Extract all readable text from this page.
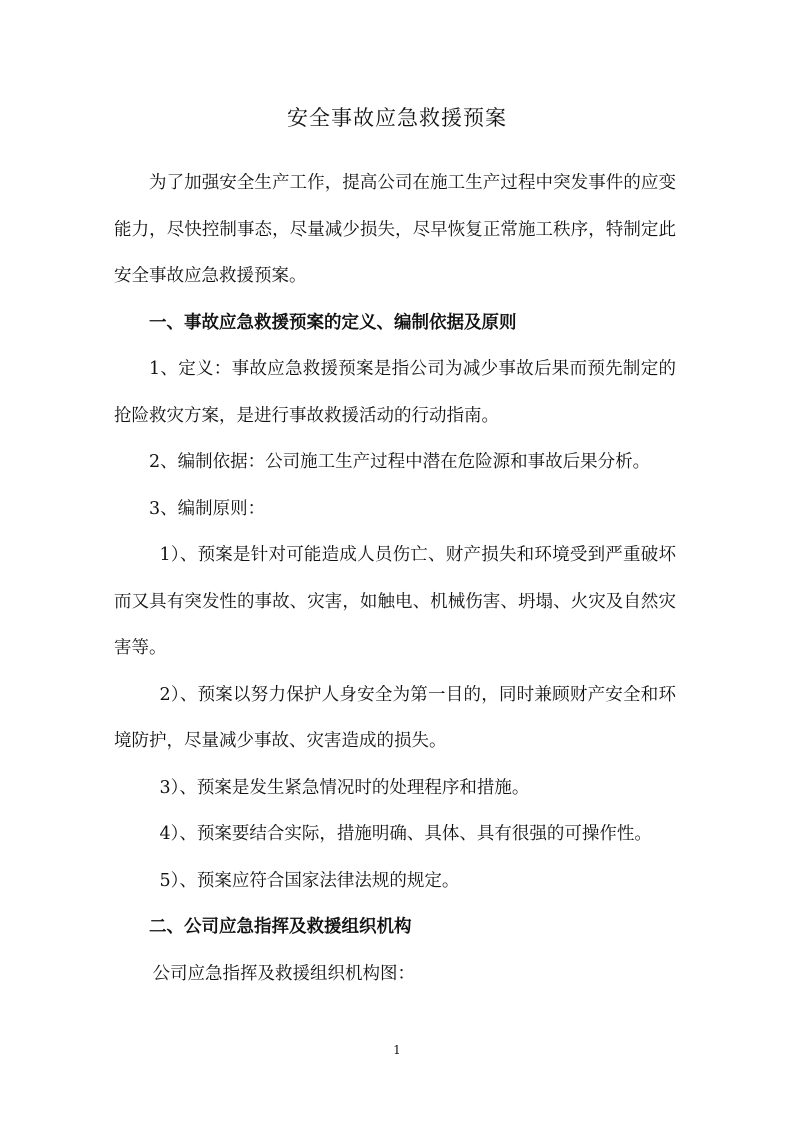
安全事故应急救援预案

为了加强安全生产工作，提高公司在施工生产过程中突发事件的应变能力，尽快控制事态，尽量减少损失，尽早恢复正常施工秩序，特制定此安全事故应急救援预案。

一、事故应急救援预案的定义、编制依据及原则

1、定义：事故应急救援预案是指公司为减少事故后果而预先制定的抢险救灾方案，是进行事故救援活动的行动指南。

2、编制依据：公司施工生产过程中潜在危险源和事故后果分析。

3、编制原则：

1）、预案是针对可能造成人员伤亡、财产损失和环境受到严重破坏而又具有突发性的事故、灾害，如触电、机械伤害、坍塌、火灾及自然灾害等。

2）、预案以努力保护人身安全为第一目的，同时兼顾财产安全和环境防护，尽量减少事故、灾害造成的损失。

3）、预案是发生紧急情况时的处理程序和措施。

4）、预案要结合实际，措施明确、具体、具有很强的可操作性。

5）、预案应符合国家法律法规的规定。

二、公司应急指挥及救援组织机构

公司应急指挥及救援组织机构图：

1
